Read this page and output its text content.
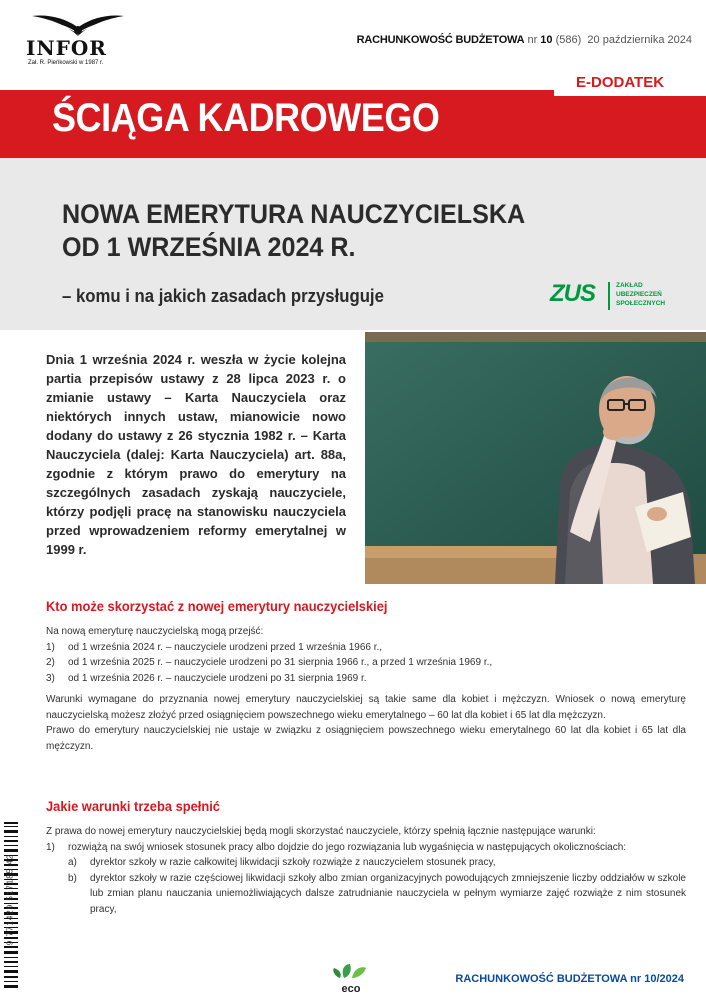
INFOR
Zał. R. Pieńkowski w 1987 r.
RACHUNKOWOŚĆ BUDŻETOWA nr 10 (586) 20 października 2024
E-DODATEK
ŚCIĄGA KADROWEGO
NOWA EMERYTURA NAUCZYCIELSKA
OD 1 WRZEŚNIA 2024 R.
– komu i na jakich zasadach przysługuje	ZUS	ZAKŁAD
UBEZPIECZEŃ
SPOŁECZNYCH

Dnia 1 września 2024 r. weszła w życie kolejna partia przepisów ustawy z 28 lipca 2023 r. o zmianie ustawy – Karta Nauczyciela oraz niektórych innych ustaw, mianowicie nowo dodany do ustawy z 26 stycznia 1982 r. – Karta Nauczyciela (dalej: Karta Nauczyciela) art. 88a, zgodnie z którym prawo do emerytury na szczególnych zasadach zyskają nauczyciele, którzy podjęli pracę na stanowisku nauczyciela przed wprowadzeniem reformy emerytalnej w 1999 r.

Kto może skorzystać z nowej emerytury nauczycielskiej

Na nową emeryturę nauczycielską mogą przejść:

1)	od 1 września 2024 r. – nauczyciele urodzeni przed 1 września 1966 r.,
2)	od 1 września 2025 r. – nauczyciele urodzeni po 31 sierpnia 1966 r., a przed 1 września 1969 r.,
3)	od 1 września 2026 r. – nauczyciele urodzeni po 31 sierpnia 1969 r.

Warunki wymagane do przyznania nowej emerytury nauczycielskiej są takie same dla kobiet i mężczyzn. Wniosek o nową emeryturę nauczycielską możesz złożyć przed osiągnięciem powszechnego wieku emerytalnego – 60 lat dla kobiet i 65 lat dla mężczyzn.

Prawo do emerytury nauczycielskiej nie ustaje w związku z osiągnięciem powszechnego wieku emerytalnego 60 lat dla kobiet i 65 lat dla mężczyzn.

Jakie warunki trzeba spełnić

Z prawa do nowej emerytury nauczycielskiej będą mogli skorzystać nauczyciele, którzy spełnią łącznie następujące warunki:

1)	rozwiążą na swój wniosek stosunek pracy albo dojdzie do jego rozwiązania lub wygaśnięcia w następujących okolicznościach:
a)	dyrektor szkoły w razie całkowitej likwidacji szkoły rozwiąże z nauczycielem stosunek pracy,
b)	dyrektor szkoły w razie częściowej likwidacji szkoły albo zmian organizacyjnych powodujących zmniejszenie liczby oddziałów w szkole lub zmian planu nauczania uniemożliwiających dalsze zatrudnianie nauczyciela w pełnym wymiarze zajęć rozwiąże z nim stosunek pracy,
9 771429 517185 42
eco
RACHUNKOWOŚĆ BUDŻETOWA nr 10/2024
